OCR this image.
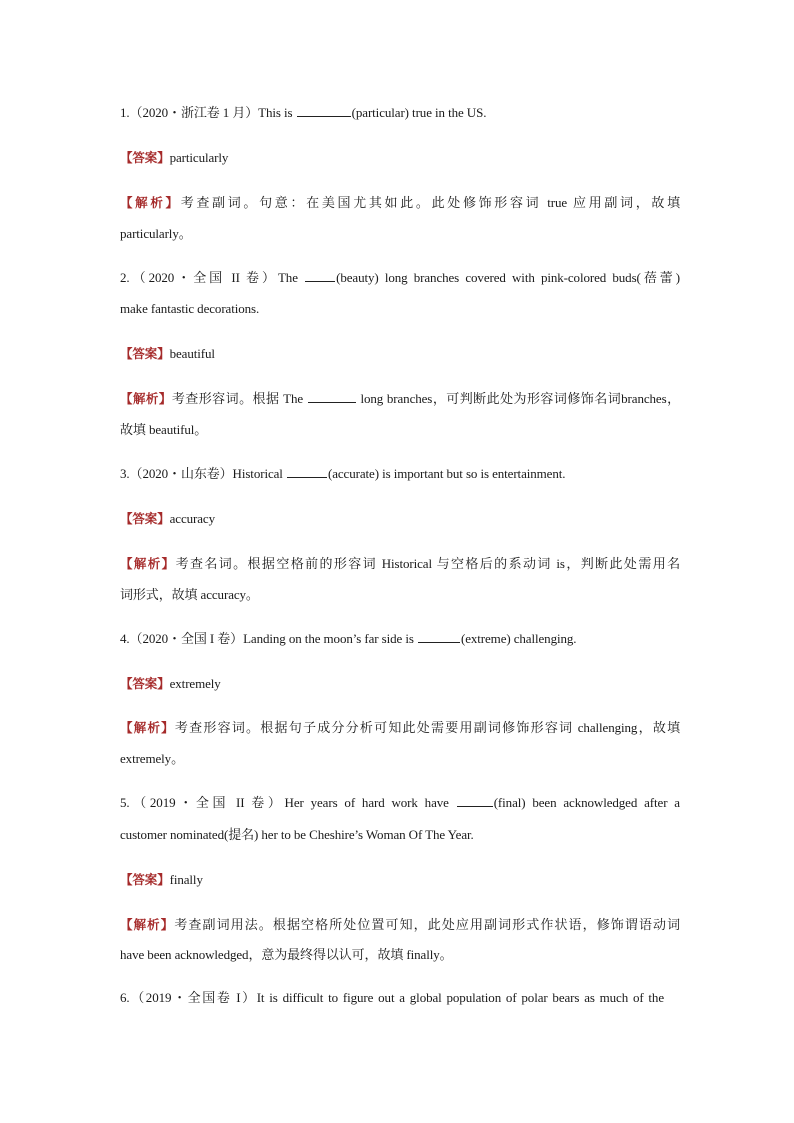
1.（2020・浙江卷 1 月）This is	(particular) true in the US.
【答案】particularly
【解析】考查副词。句意：在美国尤其如此。此处修饰形容词 true 应用副词，故填
particularly。
2.（2020・全国 II 卷）The (beauty) long branches covered with pink-colored buds(蓓蕾)
make fantastic decorations.
【答案】beautiful
【解析】考查形容词。根据 The	long branches，可判断此处为形容词修饰名词branches，
故填 beautiful。
3.（2020・山东卷）Historical	(accurate) is important but so is entertainment.
【答案】accuracy
【解析】考查名词。根据空格前的形容词 Historical 与空格后的系动词 is，判断此处需用名
词形式，故填 accuracy。
4.（2020・全国 I 卷）Landing on the moon’s far side is	(extreme) challenging.
【答案】extremely
【解析】考查形容词。根据句子成分分析可知此处需要用副词修饰形容词 challenging，故填
extremely。
5.（2019・全国 II 卷）Her years of hard work have	(final) been acknowledged after a
customer nominated(提名) her to be Cheshire’s Woman Of The Year.
【答案】finally
【解析】考查副词用法。根据空格所处位置可知，此处应用副词形式作状语，修饰谓语动词
have been acknowledged，意为最终得以认可，故填 finally。
6.（2019・全国卷 I）It is difficult to figure out a global population of polar bears as much of the
